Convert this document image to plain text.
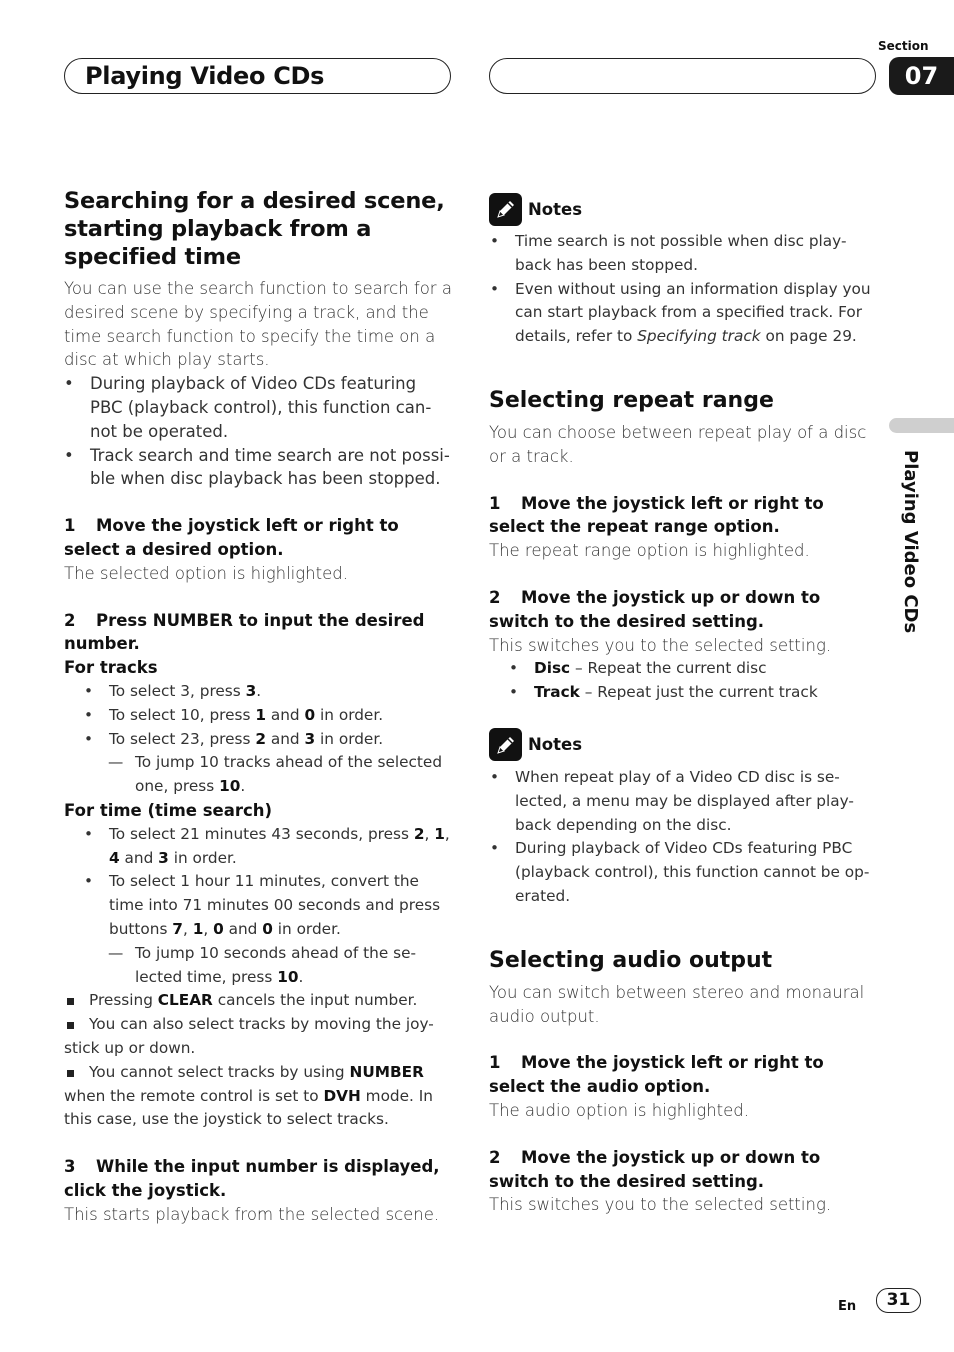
Playing Video CDs
Section
07
Playing Video CDs
Searching for a desired scene, starting playback from a specified time

You can use the search function to search for a desired scene by specifying a track, and the time search function to specify the time on a disc at which play starts.

• During playback of Video CDs featuring PBC (playback control), this function can-not be operated.
• Track search and time search are not possi-ble when disc playback has been stopped.
1 Move the joystick left or right to select a desired option.

The selected option is highlighted.

2 Press NUMBER to input the desired number.
For tracks
• To select 3, press 3.
• To select 10, press 1 and 0 in order.
• To select 23, press 2 and 3 in order.
— To jump 10 tracks ahead of the selected one, press 10.
For time (time search)
• To select 21 minutes 43 seconds, press 2, 1, 4 and 3 in order.
• To select 1 hour 11 minutes, convert the time into 71 minutes 00 seconds and press buttons 7, 1, 0 and 0 in order.
— To jump 10 seconds ahead of the se-lected time, press 10.
Pressing CLEAR cancels the input number.
You can also select tracks by moving the joy-stick up or down.
You cannot select tracks by using NUMBER when the remote control is set to DVH mode. In this case, use the joystick to select tracks.
3 While the input number is displayed, click the joystick.

This starts playback from the selected scene.

Notes
• Time search is not possible when disc play-back has been stopped.
• Even without using an information display you can start playback from a specified track. For details, refer to Specifying track on page 29.
Selecting repeat range

You can choose between repeat play of a disc or a track.

1 Move the joystick left or right to select the repeat range option.

The repeat range option is highlighted.

2 Move the joystick up or down to switch to the desired setting.

This switches you to the selected setting.

• Disc – Repeat the current disc
• Track – Repeat just the current track
Notes
• When repeat play of a Video CD disc is se-lected, a menu may be displayed after play-back depending on the disc.
• During playback of Video CDs featuring PBC (playback control), this function cannot be op-erated.
Selecting audio output

You can switch between stereo and monaural audio output.

1 Move the joystick left or right to select the audio option.

The audio option is highlighted.

2 Move the joystick up or down to switch to the desired setting.

This switches you to the selected setting.

En	31
